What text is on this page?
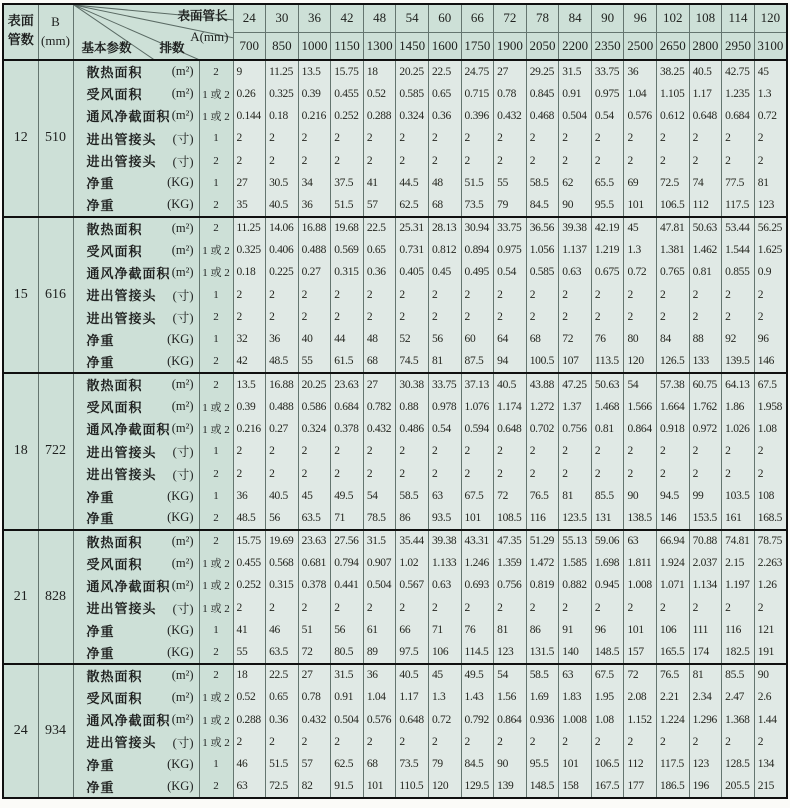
表面
管数

B
(mm)

表面管长
A(mm)
基本参数 排数
	24	30	36	42	48	54	60	66	72	78	84	90	96	102	108	114	120
				700	850	1000	1150	1300	1450	1600	1750	1900	2050	2200	2350	2500	2650	2800	2950	3100
12	510	散热面积 (m²)	2	9	11.25	13.5	15.75	18	20.25	22.5	24.75	27	29.25	31.5	33.75	36	38.25	40.5	42.75	45

		受风面积 (m²)	1 或 2	0.26	0.325	0.39	0.455	0.52	0.585	0.65	0.715	0.78	0.845	0.91	0.975	1.04	1.105	1.17	1.235	1.3

		通风净截面积 (m²)	1 或 2	0.144	0.18	0.216	0.252	0.288	0.324	0.36	0.396	0.432	0.468	0.504	0.54	0.576	0.612	0.648	0.684	0.72

		进出管接头 (寸)	1	2	2	2	2	2	2	2	2	2	2	2	2	2	2	2	2	2

		进出管接头 (寸)	2	2	2	2	2	2	2	2	2	2	2	2	2	2	2	2	2	2

		净重 (KG)	1	27	30.5	34	37.5	41	44.5	48	51.5	55	58.5	62	65.5	69	72.5	74	77.5	81

		净重 (KG)	2	35	40.5	36	51.5	57	62.5	68	73.5	79	84.5	90	95.5	101	106.5	112	117.5	123
15	616	散热面积 (m²)	2	11.25	14.06	16.88	19.68	22.5	25.31	28.13	30.94	33.75	36.56	39.38	42.19	45	47.81	50.63	53.44	56.25

		受风面积 (m²)	1 或 2	0.325	0.406	0.488	0.569	0.65	0.731	0.812	0.894	0.975	1.056	1.137	1.219	1.3	1.381	1.462	1.544	1.625

		通风净截面积 (m²)	1 或 2	0.18	0.225	0.27	0.315	0.36	0.405	0.45	0.495	0.54	0.585	0.63	0.675	0.72	0.765	0.81	0.855	0.9

		进出管接头 (寸)	1	2	2	2	2	2	2	2	2	2	2	2	2	2	2	2	2	2

		进出管接头 (寸)	2	2	2	2	2	2	2	2	2	2	2	2	2	2	2	2	2	2

		净重 (KG)	1	32	36	40	44	48	52	56	60	64	68	72	76	80	84	88	92	96

		净重 (KG)	2	42	48.5	55	61.5	68	74.5	81	87.5	94	100.5	107	113.5	120	126.5	133	139.5	146
18	722	散热面积 (m²)	2	13.5	16.88	20.25	23.63	27	30.38	33.75	37.13	40.5	43.88	47.25	50.63	54	57.38	60.75	64.13	67.5

		受风面积 (m²)	1 或 2	0.39	0.488	0.586	0.684	0.782	0.88	0.978	1.076	1.174	1.272	1.37	1.468	1.566	1.664	1.762	1.86	1.958

		通风净截面积 (m²)	1 或 2	0.216	0.27	0.324	0.378	0.432	0.486	0.54	0.594	0.648	0.702	0.756	0.81	0.864	0.918	0.972	1.026	1.08

		进出管接头 (寸)	1	2	2	2	2	2	2	2	2	2	2	2	2	2	2	2	2	2

		进出管接头 (寸)	2	2	2	2	2	2	2	2	2	2	2	2	2	2	2	2	2	2

		净重 (KG)	1	36	40.5	45	49.5	54	58.5	63	67.5	72	76.5	81	85.5	90	94.5	99	103.5	108

		净重 (KG)	2	48.5	56	63.5	71	78.5	86	93.5	101	108.5	116	123.5	131	138.5	146	153.5	161	168.5
21	828	散热面积 (m²)	2	15.75	19.69	23.63	27.56	31.5	35.44	39.38	43.31	47.35	51.29	55.13	59.06	63	66.94	70.88	74.81	78.75

		受风面积 (m²)	1 或 2	0.455	0.568	0.681	0.794	0.907	1.02	1.133	1.246	1.359	1.472	1.585	1.698	1.811	1.924	2.037	2.15	2.263

		通风净截面积 (m²)	1 或 2	0.252	0.315	0.378	0.441	0.504	0.567	0.63	0.693	0.756	0.819	0.882	0.945	1.008	1.071	1.134	1.197	1.26

		进出管接头 (寸)	1 或 2	2	2	2	2	2	2	2	2	2	2	2	2	2	2	2	2	2

		净重 (KG)	1	41	46	51	56	61	66	71	76	81	86	91	96	101	106	111	116	121

		净重 (KG)	2	55	63.5	72	80.5	89	97.5	106	114.5	123	131.5	140	148.5	157	165.5	174	182.5	191
24	934	散热面积 (m²)	2	18	22.5	27	31.5	36	40.5	45	49.5	54	58.5	63	67.5	72	76.5	81	85.5	90

		受风面积 (m²)	1 或 2	0.52	0.65	0.78	0.91	1.04	1.17	1.3	1.43	1.56	1.69	1.83	1.95	2.08	2.21	2.34	2.47	2.6

		通风净截面积 (m²)	1 或 2	0.288	0.36	0.432	0.504	0.576	0.648	0.72	0.792	0.864	0.936	1.008	1.08	1.152	1.224	1.296	1.368	1.44

		进出管接头 (寸)	1 或 2	2	2	2	2	2	2	2	2	2	2	2	2	2	2	2	2	2

		净重 (KG)	1	46	51.5	57	62.5	68	73.5	79	84.5	90	95.5	101	106.5	112	117.5	123	128.5	134

		净重 (KG)	2	63	72.5	82	91.5	101	110.5	120	129.5	139	148.5	158	167.5	177	186.5	196	205.5	215
